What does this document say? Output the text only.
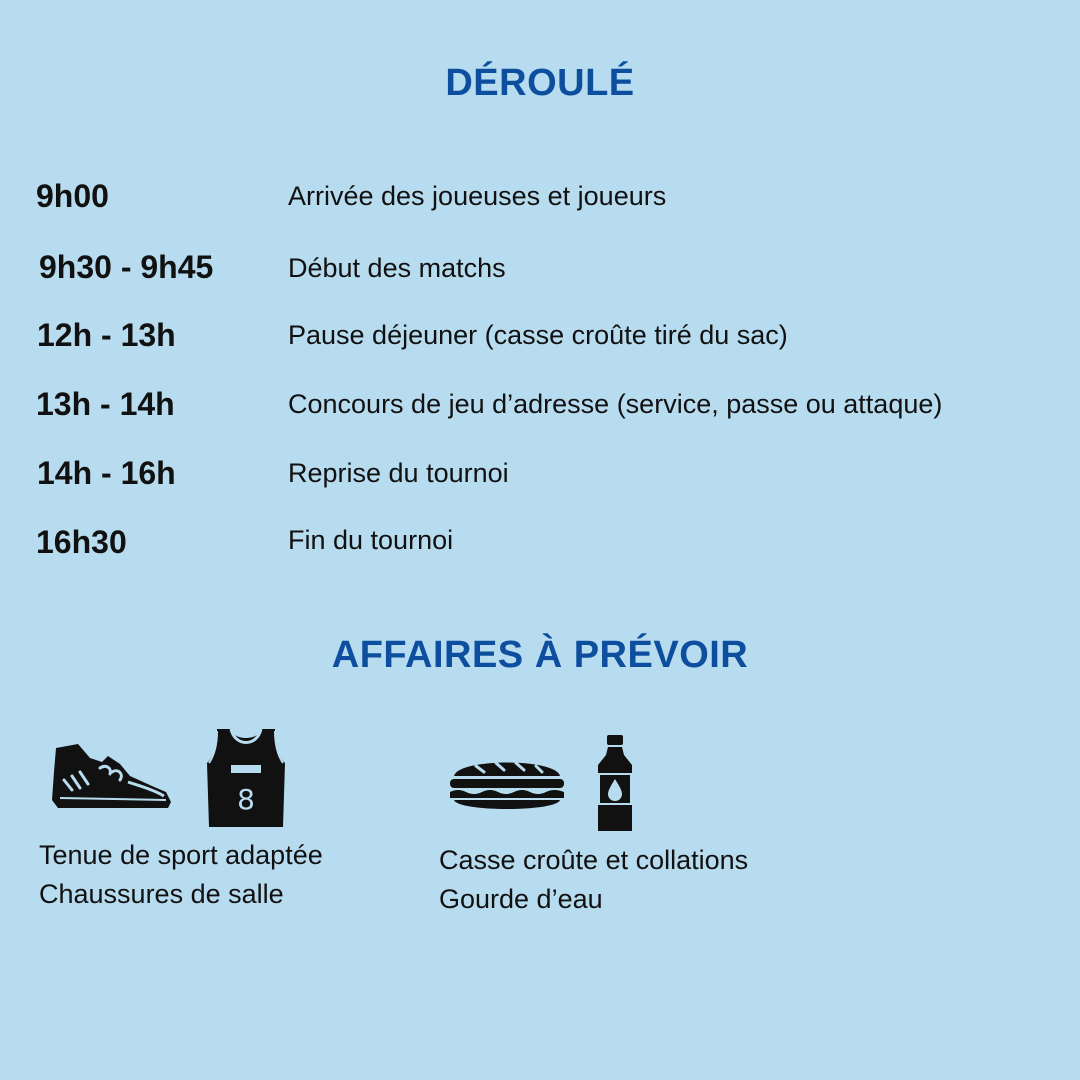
DÉROULÉ
9h00	Arrivée des joueuses et joueurs
9h30 - 9h45	Début des matchs
12h - 13h	Pause déjeuner (casse croûte tiré du sac)
13h - 14h	Concours de jeu d’adresse (service, passe ou attaque)
14h - 16h	Reprise du tournoi
16h30	Fin du tournoi
AFFAIRES À PRÉVOIR
8
Tenue de sport adaptée
Chaussures de salle
Casse croûte et collations
Gourde d’eau
